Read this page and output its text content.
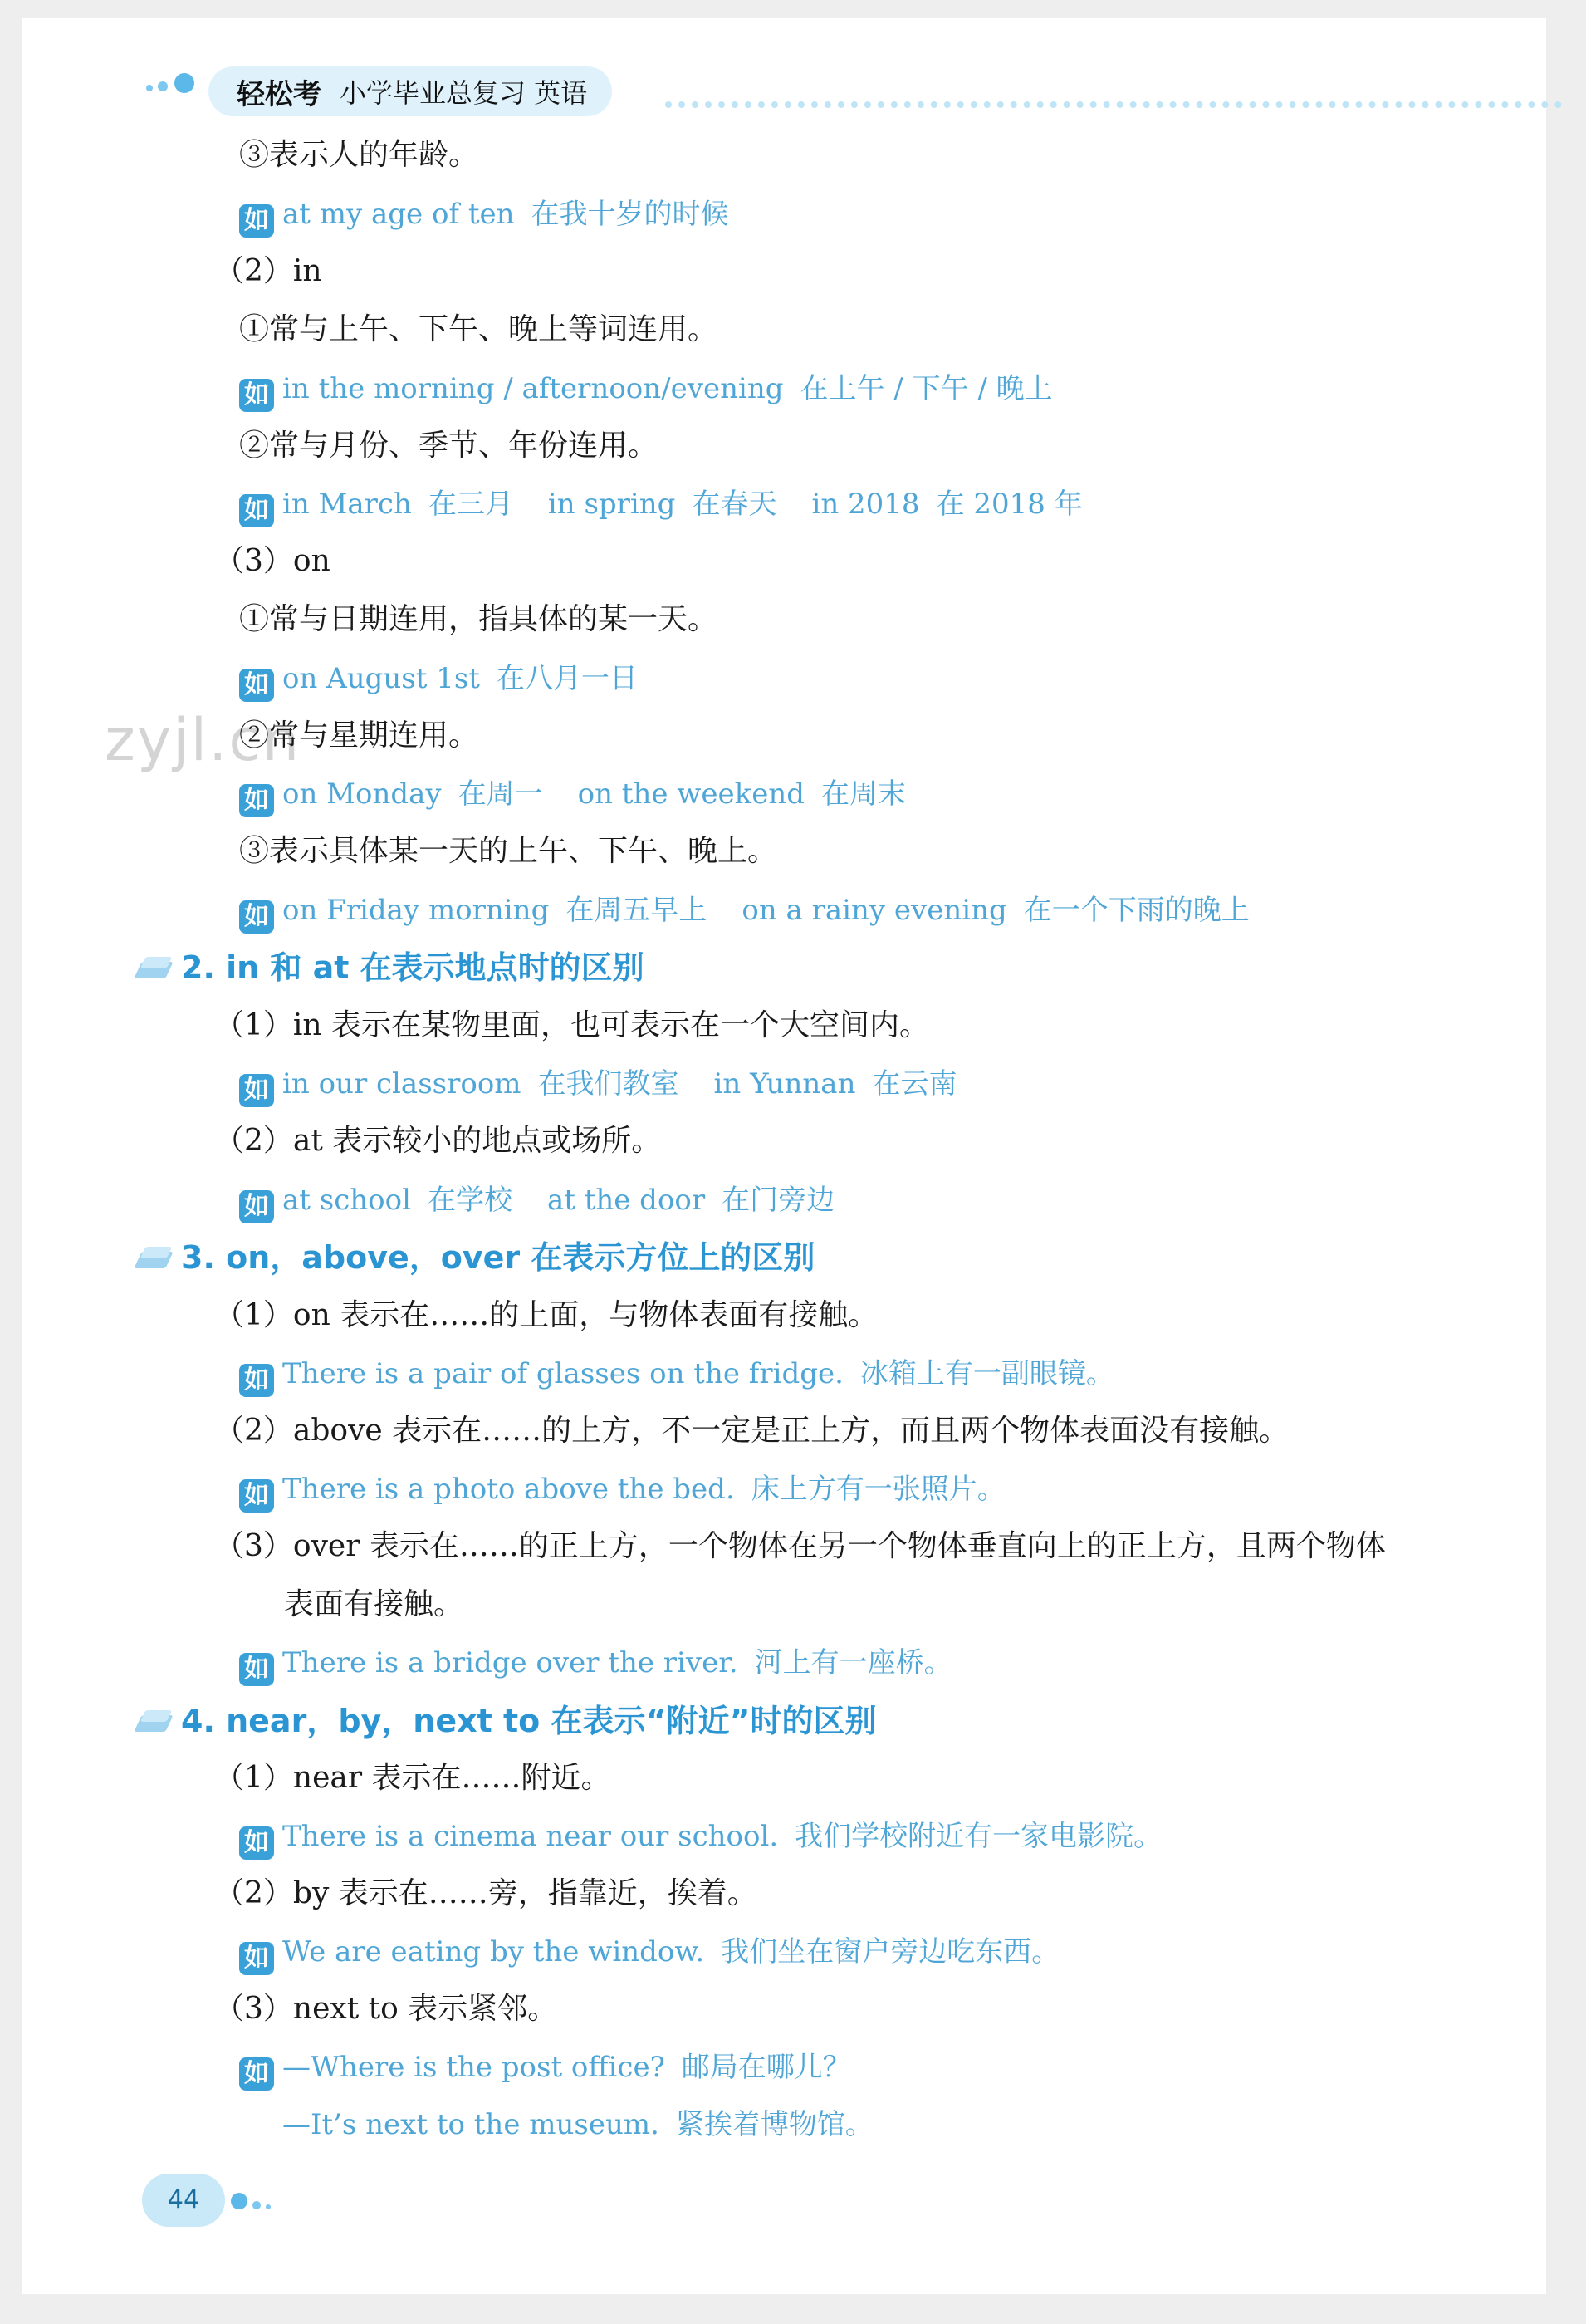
轻松考 小学毕业总复习 英语
zyjl.cn
③表示人的年龄。
如 at my age of ten 在我十岁的时候
（2）in
①常与上午、下午、晚上等词连用。
如 in the morning / afternoon/evening 在上午 / 下午 / 晚上
②常与月份、季节、年份连用。
如 in March 在三月 in spring 在春天 in 2018 在 2018 年
（3）on
①常与日期连用，指具体的某一天。
如 on August 1st 在八月一日
②常与星期连用。
如 on Monday 在周一 on the weekend 在周末
③表示具体某一天的上午、下午、晚上。
如 on Friday morning 在周五早上 on a rainy evening 在一个下雨的晚上
2. in 和 at 在表示地点时的区别
（1）in 表示在某物里面，也可表示在一个大空间内。
如 in our classroom 在我们教室 in Yunnan 在云南
（2）at 表示较小的地点或场所。
如 at school 在学校 at the door 在门旁边
3. on，above，over 在表示方位上的区别
（1）on 表示在……的上面，与物体表面有接触。
如 There is a pair of glasses on the fridge. 冰箱上有一副眼镜。
（2）above 表示在……的上方，不一定是正上方，而且两个物体表面没有接触。
如 There is a photo above the bed. 床上方有一张照片。
（3）over 表示在……的正上方，一个物体在另一个物体垂直向上的正上方，且两个物体
表面有接触。
如 There is a bridge over the river. 河上有一座桥。
4. near，by，next to 在表示“附近”时的区别
（1）near 表示在……附近。
如 There is a cinema near our school. 我们学校附近有一家电影院。
（2）by 表示在……旁，指靠近，挨着。
如 We are eating by the window. 我们坐在窗户旁边吃东西。
（3）next to 表示紧邻。
如 —Where is the post office? 邮局在哪儿？
—It’s next to the museum. 紧挨着博物馆。
44
